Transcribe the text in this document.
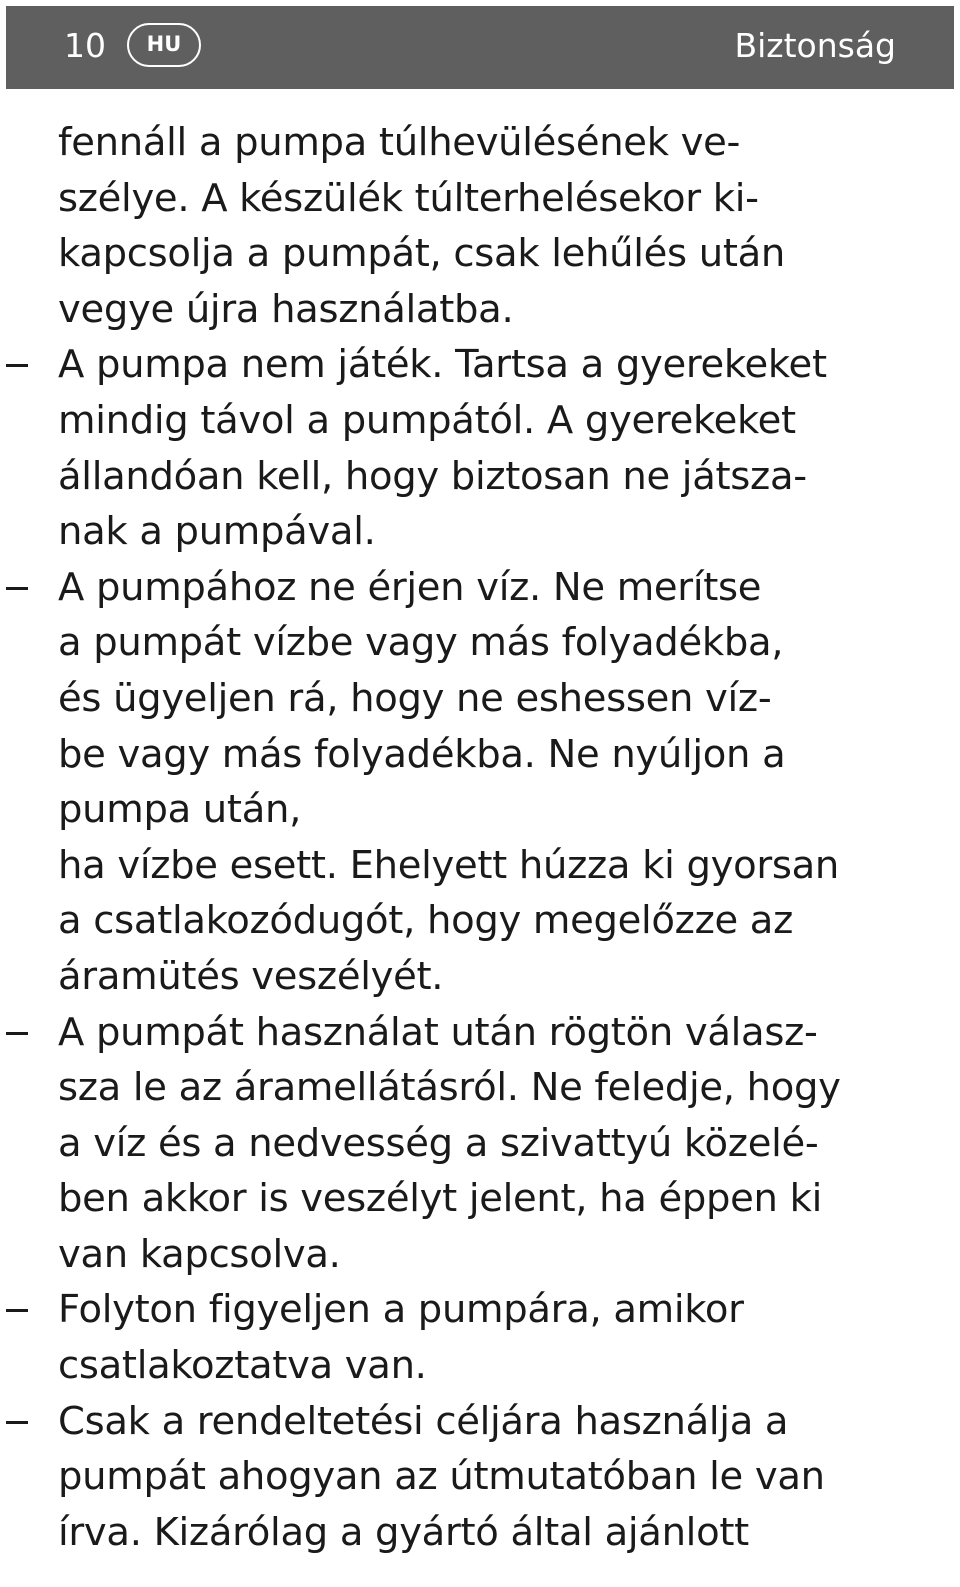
10	HU	Biztonság
fennáll a pumpa túlhevülésének ve-
szélye. A készülék túlterhelésekor ki-
kapcsolja a pumpát, csak lehűlés után
vegye újra használatba.
A pumpa nem játék. Tartsa a gyerekeket
mindig távol a pumpától. A gyerekeket
állandóan kell, hogy biztosan ne játsza-
nak a pumpával.
A pumpához ne érjen víz. Ne merítse
a pumpát vízbe vagy más folyadékba,
és ügyeljen rá, hogy ne eshessen víz-
be vagy más folyadékba. Ne nyúljon a
pumpa után,
ha vízbe esett. Ehelyett húzza ki gyorsan
a csatlakozódugót, hogy megelőzze az
áramütés veszélyét.
A pumpát használat után rögtön válasz-
sza le az áramellátásról. Ne feledje, hogy
a víz és a nedvesség a szivattyú közelé-
ben akkor is veszélyt jelent, ha éppen ki
van kapcsolva.
Folyton figyeljen a pumpára, amikor
csatlakoztatva van.
Csak a rendeltetési céljára használja a
pumpát ahogyan az útmutatóban le van
írva. Kizárólag a gyártó által ajánlott
